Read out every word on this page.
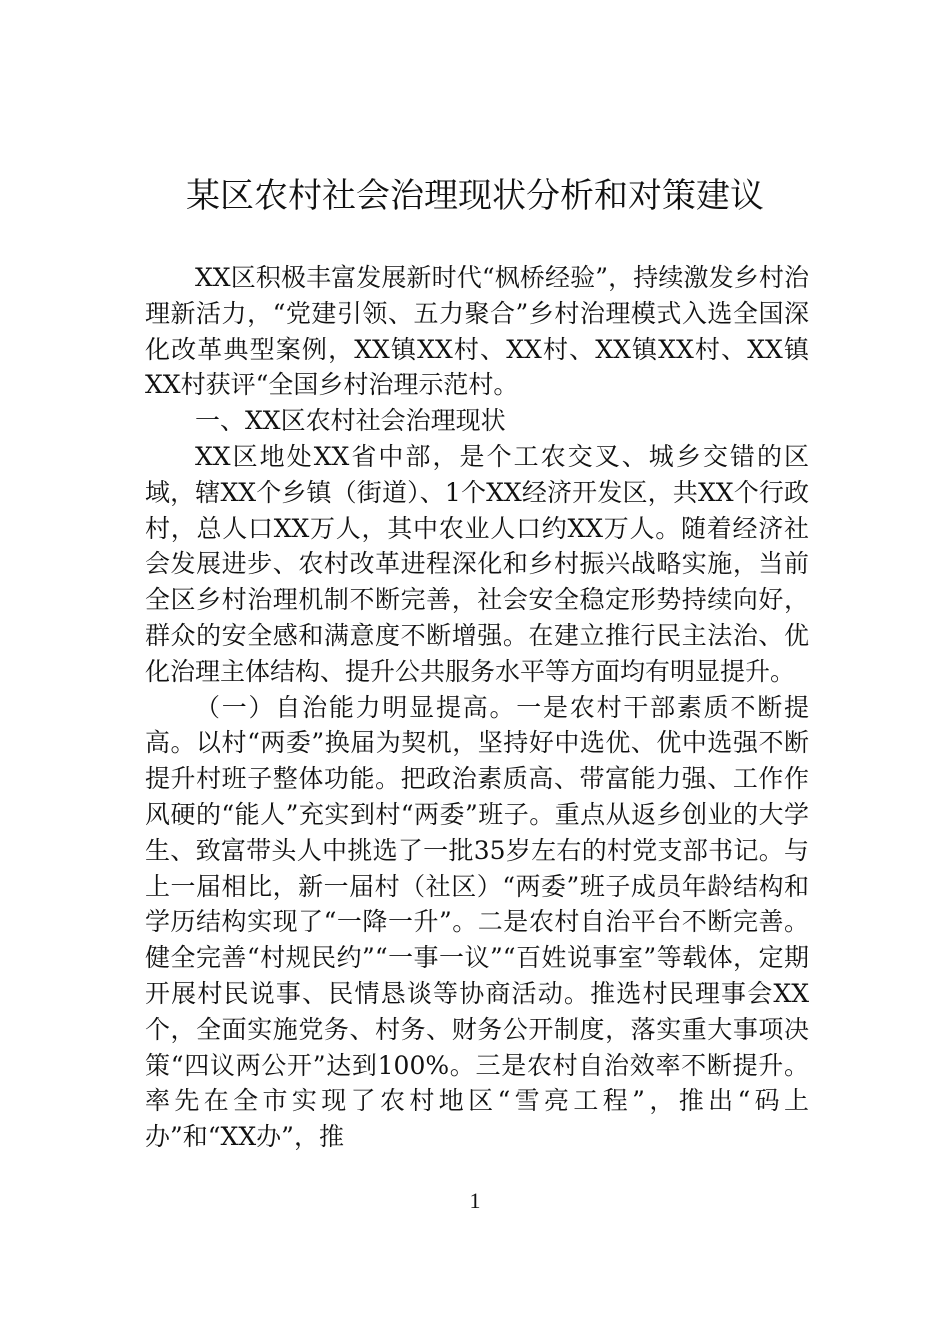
某区农村社会治理现状分析和对策建议

XX区积极丰富发展新时代“枫桥经验”，持续激发乡村治理新活力，“党建引领、五力聚合”乡村治理模式入选全国深化改革典型案例，XX镇XX村、XX村、XX镇XX村、XX镇XX村获评“全国乡村治理示范村。

一、XX区农村社会治理现状

XX区地处XX省中部，是个工农交叉、城乡交错的区域，辖XX个乡镇（街道）、1个XX经济开发区，共XX个行政村，总人口XX万人，其中农业人口约XX万人。随着经济社会发展进步、农村改革进程深化和乡村振兴战略实施，当前全区乡村治理机制不断完善，社会安全稳定形势持续向好，群众的安全感和满意度不断增强。在建立推行民主法治、优化治理主体结构、提升公共服务水平等方面均有明显提升。

（一）自治能力明显提高。一是农村干部素质不断提高。以村“两委”换届为契机，坚持好中选优、优中选强不断提升村班子整体功能。把政治素质高、带富能力强、工作作风硬的“能人”充实到村“两委”班子。重点从返乡创业的大学生、致富带头人中挑选了一批35岁左右的村党支部书记。与上一届相比，新一届村（社区）“两委”班子成员年龄结构和学历结构实现了“一降一升”。二是农村自治平台不断完善。健全完善“村规民约”“一事一议”“百姓说事室”等载体，定期开展村民说事、民情恳谈等协商活动。推选村民理事会XX个，全面实施党务、村务、财务公开制度，落实重大事项决策“四议两公开”达到100%。三是农村自治效率不断提升。率先在全市实现了农村地区“雪亮工程”，推出“码上办”和“XX办”，推

1
